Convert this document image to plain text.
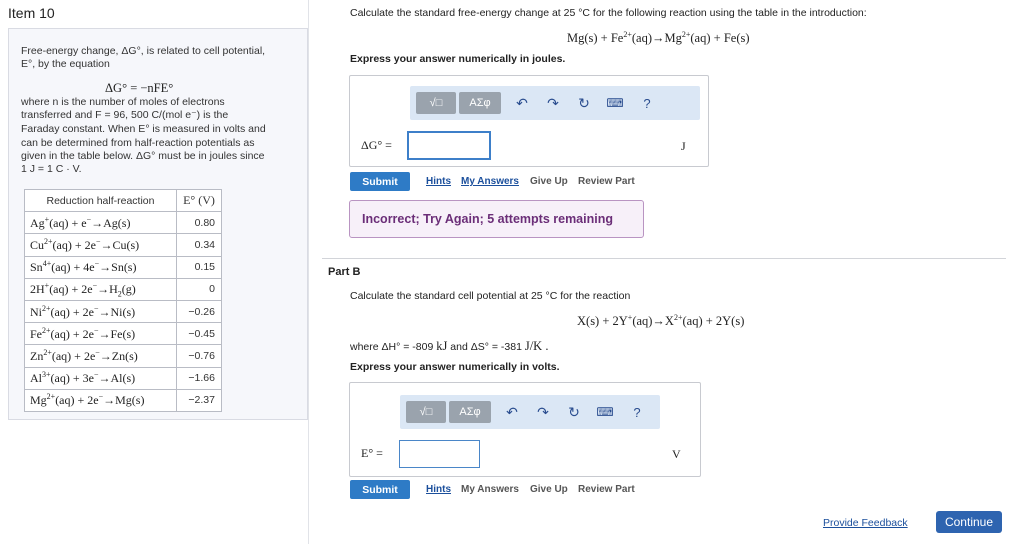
Item 10
Free-energy change, ΔG°, is related to cell potential,
E°, by the equation
ΔG° = −nFE°
where n is the number of moles of electrons
transferred and F = 96, 500 C/(mol e⁻) is the
Faraday constant. When E° is measured in volts and
can be determined from half-reaction potentials as
given in the table below. ΔG° must be in joules since
1 J = 1 C · V.
Reduction half-reaction	E° (V)
Ag+(aq) + e−→Ag(s)	0.80
$Cu^{2+}(aq) + 2e^-\to Cu(s)$	0.34
$Sn^{4+}(aq) + 4e^-\to Sn(s)$	0.15
$2H^+(aq) + 2e^-\to H_2(g)$	0
$Ni^{2+}(aq) + 2e^-\to Ni(s)$	−0.26
$Fe^{2+}(aq) + 2e^-\to Fe(s)$	−0.45
$Zn^{2+}(aq) + 2e^-\to Zn(s)$	−0.76
$Al^{3+}(aq) + 3e^-\to Al(s)$	−1.66
$Mg^{2+}(aq) + 2e^-\to Mg(s)$	−2.37
Calculate the standard free-energy change at 25 °C for the following reaction using the table in the introduction:
$Mg(s) + Fe^{2+}(aq)\to Mg^{2+}(aq) + Fe(s)$
Express your answer numerically in joules.
√□	ΑΣφ	↶ ↷ ↻ ⌨	?
ΔG° =	J
Submit	Hints My Answers Give Up Review Part
Incorrect; Try Again; 5 attempts remaining
Part B
Calculate the standard cell potential at 25 °C for the reaction
$X(s) + 2Y^+(aq)\to X^{2+}(aq) + 2Y(s)$
where ΔH° = -809 kJ and ΔS° = -381 J/K .
Express your answer numerically in volts.
√□	ΑΣφ	↶ ↷ ↻ ⌨	?
E° =	V
Submit	Hints My Answers Give Up Review Part
Provide Feedback	Continue
